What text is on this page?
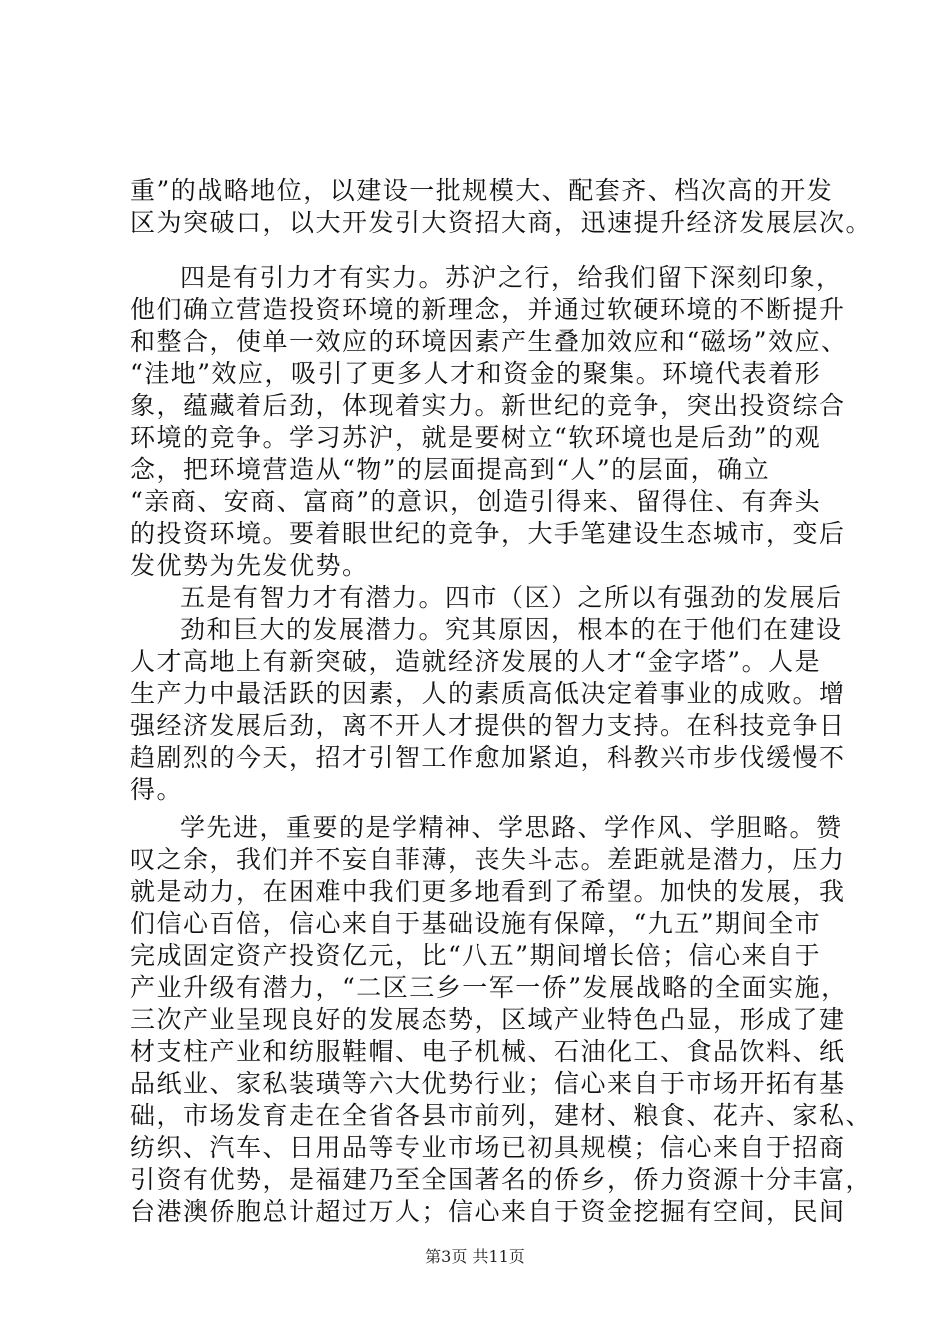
重”的战略地位，以建设一批规模大、配套齐、档次高的开发
区为突破口，以大开发引大资招大商，迅速提升经济发展层次。
四是有引力才有实力。苏沪之行，给我们留下深刻印象，
他们确立营造投资环境的新理念，并通过软硬环境的不断提升
和整合，使单一效应的环境因素产生叠加效应和“磁场”效应、
“洼地”效应，吸引了更多人才和资金的聚集。环境代表着形
象，蕴藏着后劲，体现着实力。新世纪的竞争，突出投资综合
环境的竞争。学习苏沪，就是要树立“软环境也是后劲”的观
念，把环境营造从“物”的层面提高到“人”的层面，确立
“亲商、安商、富商”的意识，创造引得来、留得住、有奔头
的投资环境。要着眼世纪的竞争，大手笔建设生态城市，变后
发优势为先发优势。
五是有智力才有潜力。四市（区）之所以有强劲的发展后
劲和巨大的发展潜力。究其原因，根本的在于他们在建设
人才高地上有新突破，造就经济发展的人才“金字塔”。人是
生产力中最活跃的因素，人的素质高低决定着事业的成败。增
强经济发展后劲，离不开人才提供的智力支持。在科技竞争日
趋剧烈的今天，招才引智工作愈加紧迫，科教兴市步伐缓慢不
得。
学先进，重要的是学精神、学思路、学作风、学胆略。赞
叹之余，我们并不妄自菲薄，丧失斗志。差距就是潜力，压力
就是动力，在困难中我们更多地看到了希望。加快的发展，我
们信心百倍，信心来自于基础设施有保障，“九五”期间全市
完成固定资产投资亿元，比“八五”期间增长倍；信心来自于
产业升级有潜力，“二区三乡一军一侨”发展战略的全面实施，
三次产业呈现良好的发展态势，区域产业特色凸显，形成了建
材支柱产业和纺服鞋帽、电子机械、石油化工、食品饮料、纸
品纸业、家私装璜等六大优势行业；信心来自于市场开拓有基
础，市场发育走在全省各县市前列，建材、粮食、花卉、家私、
纺织、汽车、日用品等专业市场已初具规模；信心来自于招商
引资有优势，是福建乃至全国著名的侨乡，侨力资源十分丰富，
台港澳侨胞总计超过万人；信心来自于资金挖掘有空间，民间
第3页 共11页
